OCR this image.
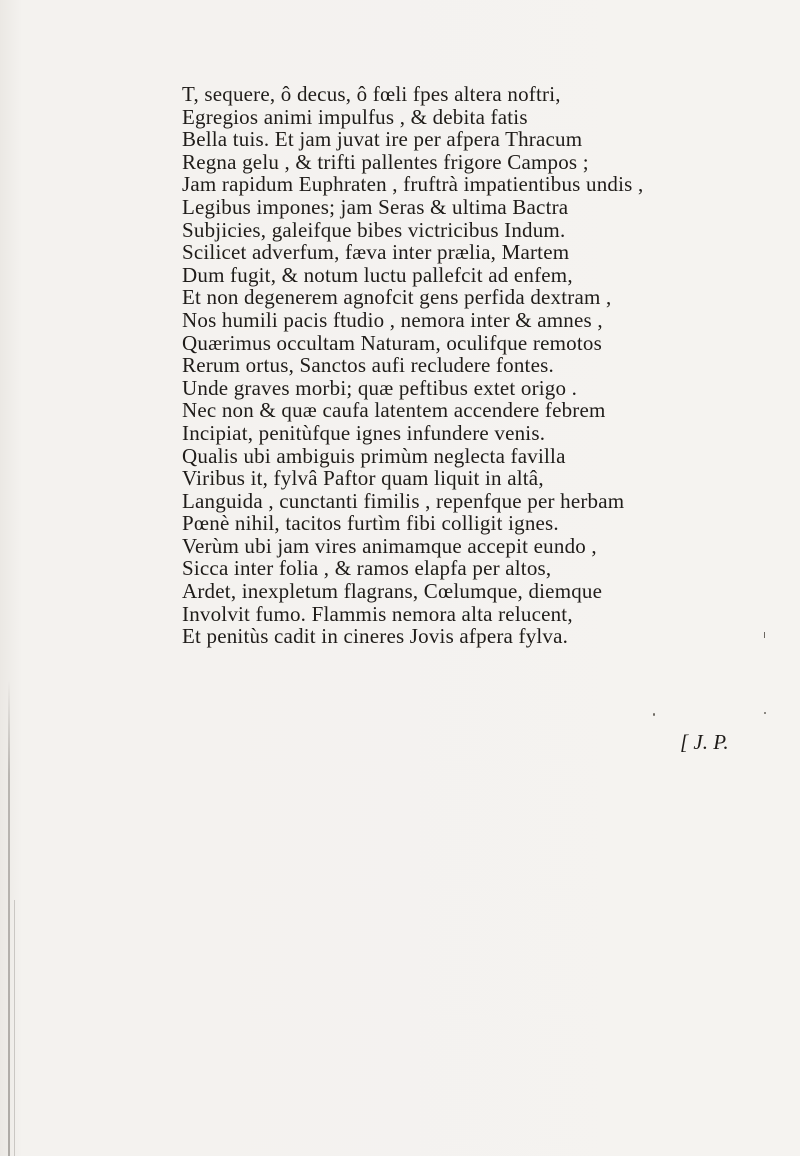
T, sequere, ô decus, ô fœli fpes altera noftri,
Egregios animi impulfus , & debita fatis
Bella tuis. Et jam juvat ire per afpera Thracum
Regna gelu , & trifti pallentes frigore Campos ;
Jam rapidum Euphraten , fruftrà impatientibus undis ,
Legibus impones; jam Seras & ultima Bactra
Subjicies, galeifque bibes victricibus Indum.
Scilicet adverfum, fæva inter prælia, Martem
Dum fugit, & notum luctu pallefcit ad enfem,
Et non degenerem agnofcit gens perfida dextram ,
Nos humili pacis ftudio , nemora inter & amnes ,
Quærimus occultam Naturam, oculifque remotos
Rerum ortus, Sanctos aufi recludere fontes.
Unde graves morbi; quæ peftibus extet origo .
Nec non & quæ caufa latentem accendere febrem
Incipiat, penitùfque ignes infundere venis.
Qualis ubi ambiguis primùm neglecta favilla
Viribus it, fylvâ Paftor quam liquit in altâ,
Languida , cunctanti fimilis , repenfque per herbam
Pœnè nihil, tacitos furtìm fibi colligit ignes.
Verùm ubi jam vires animamque accepit eundo ,
Sicca inter folia , & ramos elapfa per altos,
Ardet, inexpletum flagrans, Cœlumque, diemque
Involvit fumo. Flammis nemora alta relucent,
Et penitùs cadit in cineres Jovis afpera fylva.
[ J. P.
